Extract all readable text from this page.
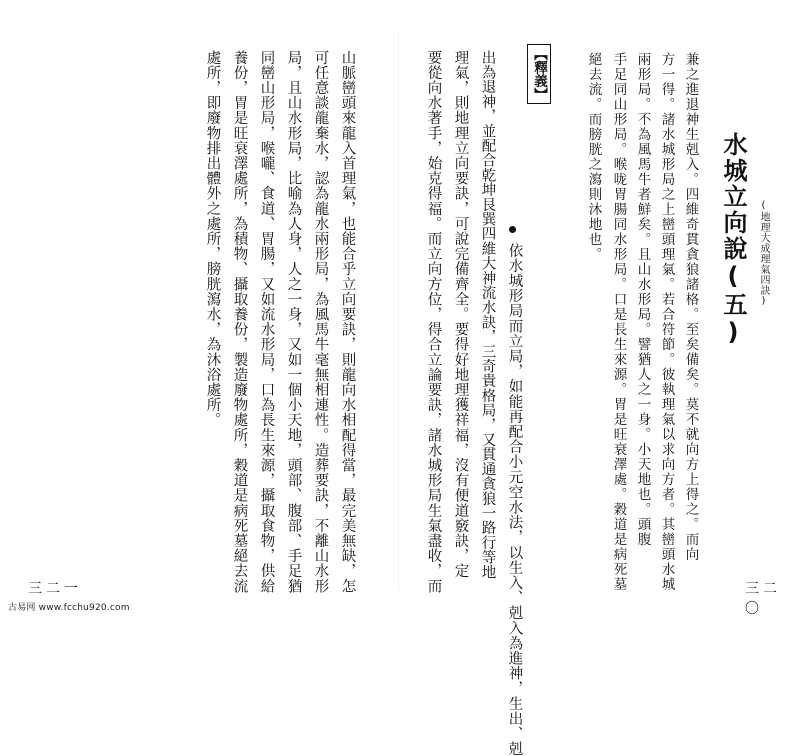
(地理大成理氣四訣)
水城立向說(五)
兼之進退神生剋入。四維奇貫貪狼諸格。至矣備矣。莫不就向方上得之。而向
方一得。諸水城形局之上巒頭理氣。若合符節。彼執理氣以求向方者。其巒頭水城
兩形局。不為風馬牛者鮮矣。且山水形局。譬猶人之一身。小天地也。頭腹
手足同山形局。喉咙胃腸同水形局。口是長生來源。胃是旺衰澤處。穀道是病死墓
絕去流。而膀胱之瀉則沐地也。
【釋義】
依水城形局而立局，如能再配合小元空水法，以生入、剋入為進神，生出、剋
出為退神，並配合乾坤艮巽四維大神流水訣，三奇貴格局，又貫通貪狼一路行等地
理氣，則地理立向要訣，可說完備齊全。要得好地理獲祥福，沒有便道竅訣，定
要從向水著手，始克得福。而立向方位，得合立論要訣，諸水城形局生氣盡收，而	三二〇
山脈巒頭來龍入首理氣，也能合乎立向要訣，則龍向水相配得當，最完美無缺，怎
可任意談龍棄水，認為龍水兩形局，為風馬牛毫無相連性。造葬要訣，不離山水形
局，且山水形局，比喻為人身，人之一身，又如一個小天地，頭部、腹部、手足猶
同巒山形局，喉嚨、食道、胃腸，又如流水形局，口為長生來源，攝取食物，供給
養份，胃是旺衰澤處所，為積物、攝取養份，製造廢物處所，穀道是病死墓絕去流
處所，即廢物排出體外之處所，膀胱瀉水，為沐浴處所。
三二一
古易网 www.fcchu920.com
